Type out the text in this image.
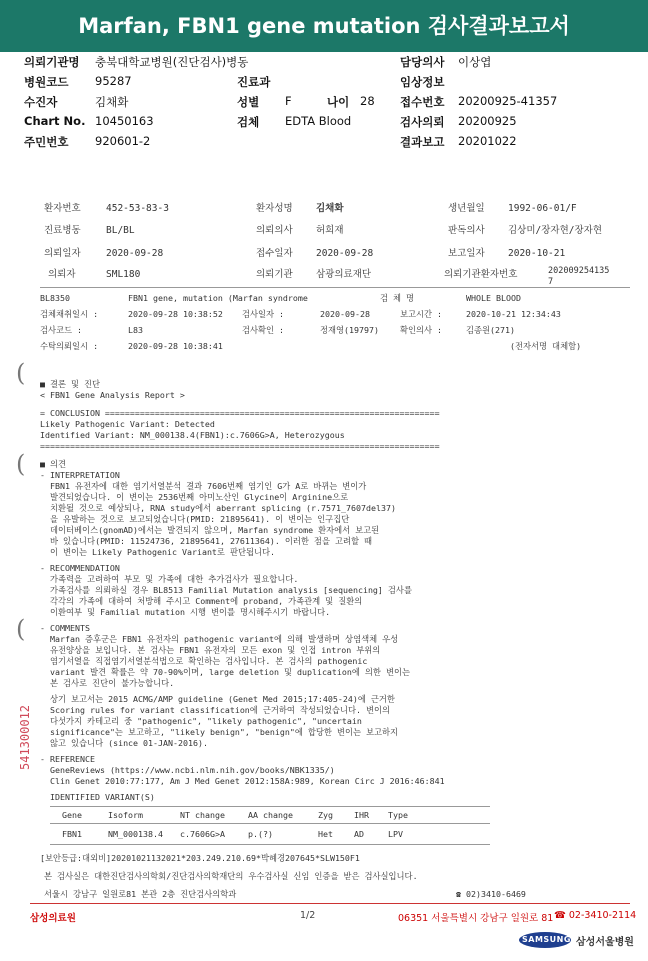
Marfan, FBN1 gene mutation 검사결과보고서
의뢰기관명 충북대학교병원(진단검사)병동	담당의사 이상엽
병원코드 95287	진료과	임상정보
수진자	김채화	성별 F	나이 28 접수번호 20200925-41357
Chart No. 10450163	검체 EDTA Blood	검사의뢰 20200925
주민번호 920601-2	결과보고 20201022
환자번호	452-53-83-3	환자성명 김채화	생년월일 1992-06-01/F
진료병동	BL/BL	의뢰의사 허희재	판독의사 김상미/장자현/장자현
의뢰일자	2020-09-28	접수일자 2020-09-28	보고일자 2020-10-21
의뢰자	SML180	의뢰기관 삼광의료재단	의뢰기관환자번호	202009254135
7
BL8350	FBN1 gene, mutation (Marfan syndrome	검 체 명	WHOLE BLOOD
검체채취일시 :	2020-09-28 10:38:52 검사일자 :	2020-09-28	보고시간 :	2020-10-21 12:34:43
검사코드 :	L83	검사확인 :	정재영(19797)	확인의사 :	김종원(271)
수탁의뢰일시 :	2020-09-28 10:38:41	(전자서명 대체함)
( ■ 결론 및 진단
< FBN1 Gene Analysis Report >
= CONCLUSION ===================================================================
Likely Pathogenic Variant: Detected
Identified Variant: NM_000138.4(FBN1):c.7606G>A, Heterozygous
================================================================================
( ■ 의견
- INTERPRETATION
FBN1 유전자에 대한 염기서열분석 결과 7606번째 염기인 G가 A로 바뀌는 변이가
발견되었습니다. 이 변이는 2536번째 아미노산인 Glycine이 Arginine으로
치환될 것으로 예상되나, RNA study에서 aberrant splicing (r.7571_7607del37)
을 유발하는 것으로 보고되었습니다(PMID: 21895641). 이 변이는 인구집단
데이터베이스(gnomAD)에서는 발견되지 않으며, Marfan syndrome 환자에서 보고된
바 있습니다(PMID: 11524736, 21895641, 27611364). 이러한 점을 고려할 때
이 변이는 Likely Pathogenic Variant로 판단됩니다.
- RECOMMENDATION
가족력을 고려하여 부모 및 가족에 대한 추가검사가 필요합니다.
가족검사를 의뢰하실 경우 BL8513 Familial Mutation analysis [sequencing] 검사를
각각의 가족에 대하여 처방해 주시고 Comment에 proband, 가족관계 및 질환의
이환여부 및 Familial mutation 시행 변이를 명시해주시기 바랍니다.
( - COMMENTS
Marfan 증후군은 FBN1 유전자의 pathogenic variant에 의해 발생하며 상염색체 우성
유전양상을 보입니다. 본 검사는 FBN1 유전자의 모든 exon 및 인접 intron 부위의
염기서열을 직접염기서열분석법으로 확인하는 검사입니다. 본 검사의 pathogenic
variant 발견 확률은 약 70-90%이며, large deletion 및 duplication에 의한 변이는
본 검사로 진단이 불가능합니다.
상기 보고서는 2015 ACMG/AMP guideline (Genet Med 2015;17:405-24)에 근거한
Scoring rules for variant classification에 근거하여 작성되었습니다. 변이의
다섯가지 카테고리 중 "pathogenic", "likely pathogenic", "uncertain
significance"는 보고하고, "likely benign", "benign"에 합당한 변이는 보고하지
않고 있습니다 (since 01-JAN-2016).
- REFERENCE
GeneReviews (https://www.ncbi.nlm.nih.gov/books/NBK1335/)
Clin Genet 2010:77:177, Am J Med Genet 2012:158A:989, Korean Circ J 2016:46:841
IDENTIFIED VARIANT(S)
Gene	Isoform	NT change	AA change	Zyg	IHR Type
FBN1	NM_000138.4 c.7606G>A	p.(?)	Het	AD	LPV
[보안등급:대외비]20201021132021*203.249.210.69*박혜경207645*SLW150F1
본 검사실은 대한진단검사의학회/진단검사의학재단의 우수검사실 신임 인증을 받은 검사실입니다.
서울시 강남구 일원로81 본관 2층 진단검사의학과	☎ 02)3410-6469
541300012
삼성의료원	1/2	06351 서울특별시 강남구 일원로 81 ☎ 02-3410-2114
SAMSUNG 삼성서울병원
